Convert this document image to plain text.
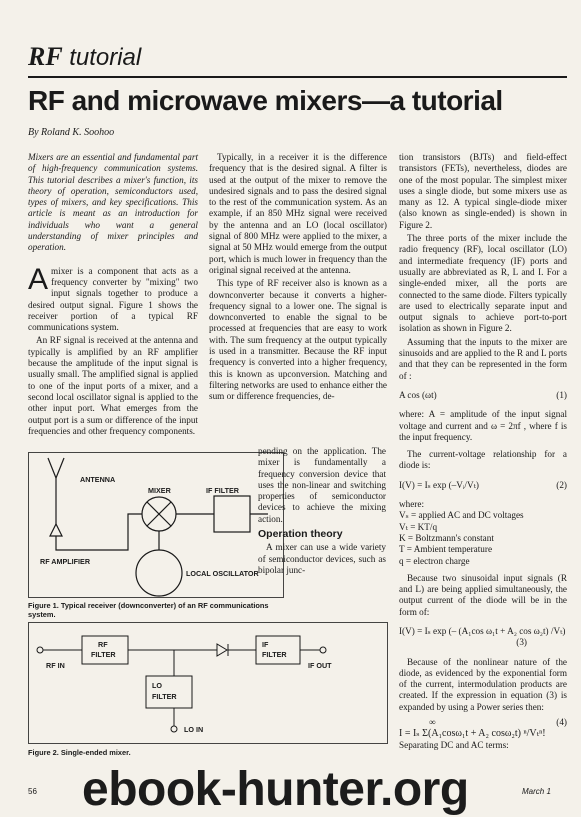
RF tutorial
RF and microwave mixers—a tutorial
By Roland K. Soohoo

Mixers are an essential and fundamental part of high-frequency communication systems. This tutorial describes a mixer's function, its theory of operation, semiconductors used, types of mixers, and key specifications. This article is meant as an introduction for individuals who want a general understanding of mixer principles and operation.

Amixer is a component that acts as a frequency converter by "mixing" two input signals together to produce a desired output signal. Figure 1 shows the receiver portion of a typical RF communications system.

An RF signal is received at the antenna and typically is amplified by an RF amplifier because the amplitude of the input signal is usually small. The amplified signal is applied to one of the input ports of a mixer, and a second local oscillator signal is applied to the other input port. What emerges from the output port is a sum or difference of the input frequencies and other frequency components.

Typically, in a receiver it is the difference frequency that is the desired signal. A filter is used at the output of the mixer to remove the undesired signals and to pass the desired signal to the rest of the communication system. As an example, if an 850 MHz signal were received by the antenna and an LO (local oscillator) signal of 800 MHz were applied to the mixer, a signal at 50 MHz would emerge from the output port, which is much lower in frequency than the original signal received at the antenna.

This type of RF receiver also is known as a downconverter because it converts a higher-frequency signal to a lower one. The signal is downconverted to enable the signal to be processed at frequencies that are easy to work with. The sum frequency at the output typically is used in a transmitter. Because the RF input frequency is converted into a higher frequency, this is known as upconversion. Matching and filtering networks are used to enhance either the sum or difference frequencies, de-

pending on the application. The mixer is fundamentally a frequency conversion device that uses the non-linear and switching properties of semiconductor devices to achieve the mixing action.

Operation theory

A mixer can use a wide variety of semiconductor devices, such as bipolar junc-

tion transistors (BJTs) and field-effect transistors (FETs), nevertheless, diodes are one of the most popular. The simplest mixer uses a single diode, but some mixers use as many as 12. A typical single-diode mixer (also known as single-ended) is shown in Figure 2.

The three ports of the mixer include the radio frequency (RF), local oscillator (LO) and intermediate frequency (IF) ports and usually are abbreviated as R, L and I. For a single-ended mixer, all the ports are connected to the same diode. Filters typically are used to electrically separate input and output signals to achieve port-to-port isolation as shown in Figure 2.

Assuming that the inputs to the mixer are sinusoids and are applied to the R and L ports and that they can be represented in the form of :

A cos (ωt)	(1)

where: A = amplitude of the input signal voltage and current and ω = 2πf , where f is the input frequency.

The current-voltage relationship for a diode is:

I(V) = Iₛ exp (–Vᵢ/Vₜ)	(2)
where:
Vₛ = applied AC and DC voltages
Vₜ = KT/q
K = Boltzmann's constant
T = Ambient temperature
q = electron charge

Because two sinusoidal input signals (R and L) are being applied simultaneously, the output current of the diode will be in the form of:

I(V) = Iₛ exp (– (A₁cos ω₁t + A₂ cos ω₂t) /Vₜ)
(3)

Because of the nonlinear nature of the diode, as evidenced by the exponential form of the current, intermodulation products are created. If the expression in equation (3) is expanded by using a Power series then:

∞	(4)
I = Iₛ Σ(A₁cosω₁t + A₂ cosω₂t) ⁿ/Vₜⁿ!

Separating DC and AC terms:

ANTENNA
RF AMPLIFIER
MIXER	IF FILTER
LOCAL OSCILLATOR
Figure 1. Typical receiver (downconverter) of an RF communications system.
RF IN
RF
FILTER
IF
FILTER
IF OUT
LO
FILTER
LO IN
Figure 2. Single-ended mixer.
56	March 1
ebook-hunter.org
